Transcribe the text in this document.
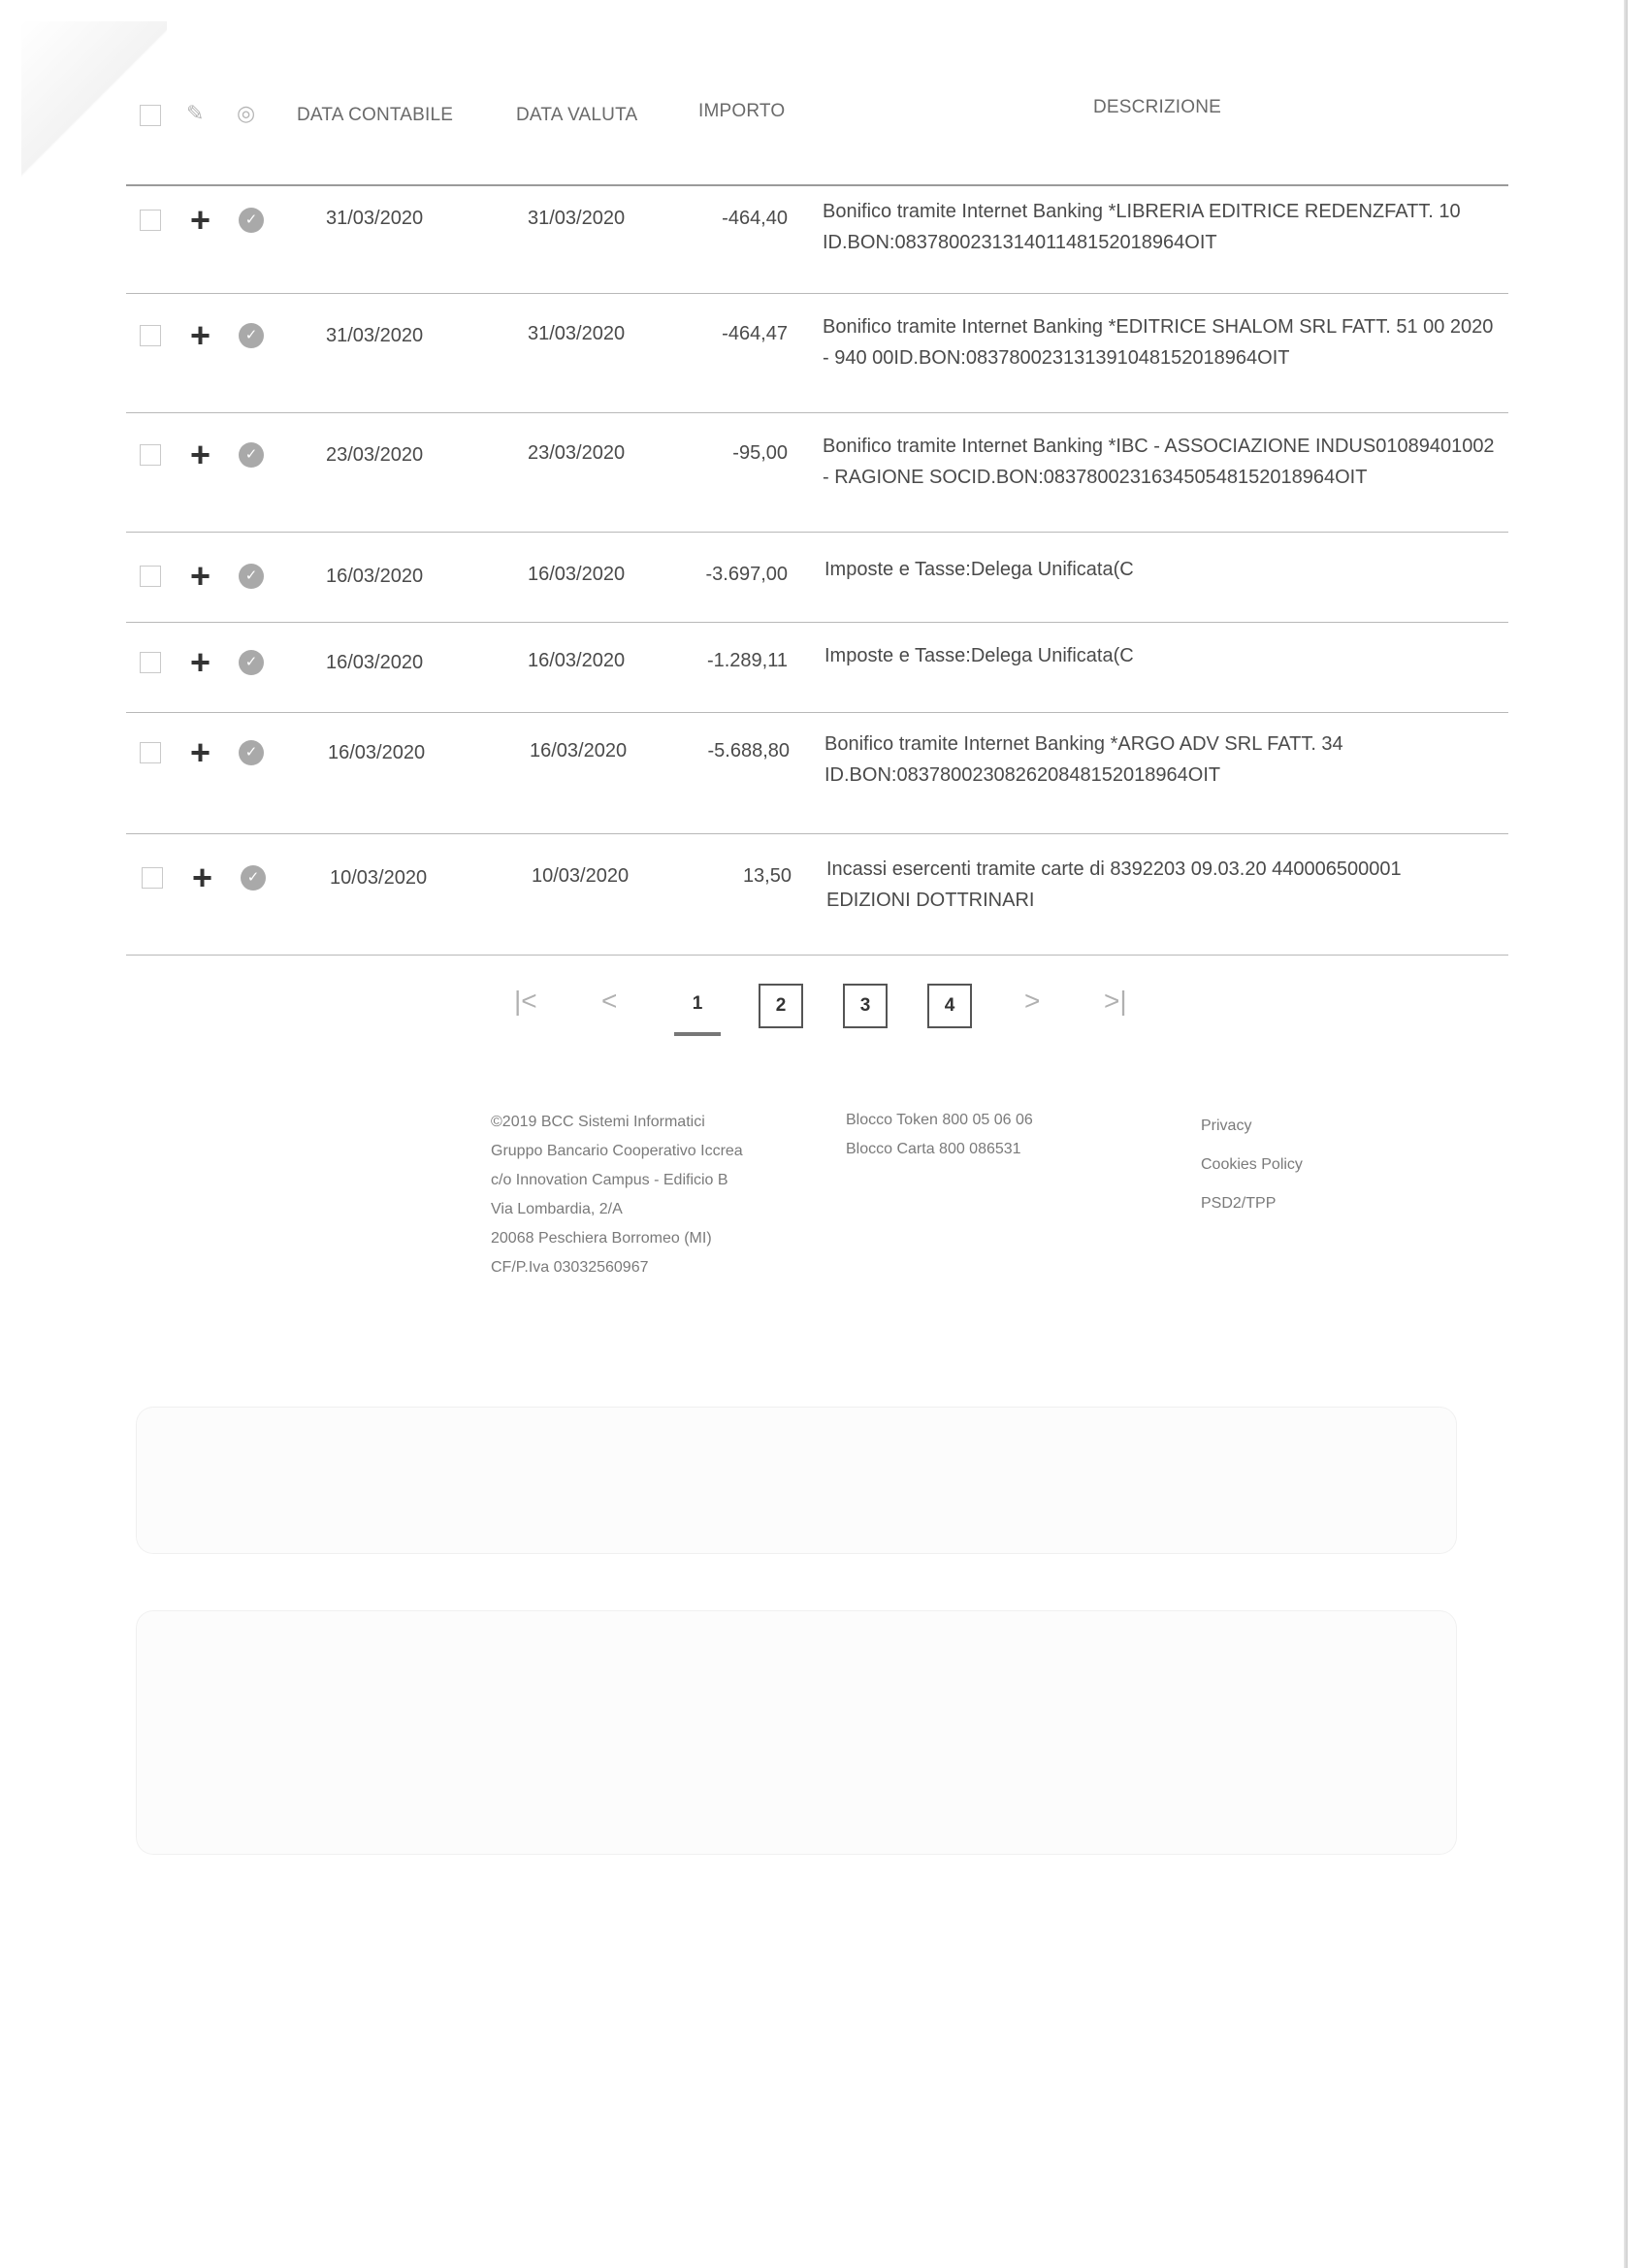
✎ ◎ DATA CONTABILE	DATA VALUTA	IMPORTO	DESCRIZIONE
+	✓	31/03/2020	31/03/2020	-464,40 Bonifico tramite Internet Banking *LIBRERIA EDITRICE REDENZFATT. 10
ID.BON:083780023131401148152018964OIT
+	✓	31/03/2020	31/03/2020	-464,47 Bonifico tramite Internet Banking *EDITRICE SHALOM SRL FATT. 51 00 2020
- 940 00ID.BON:083780023131391048152018964OIT
+	✓	23/03/2020	23/03/2020	-95,00 Bonifico tramite Internet Banking *IBC - ASSOCIAZIONE INDUS01089401002
- RAGIONE SOCID.BON:083780023163450548152018964OIT
+	✓	16/03/2020	16/03/2020	-3.697,00 Imposte e Tasse:Delega Unificata(C
+	✓	16/03/2020	16/03/2020	-1.289,11 Imposte e Tasse:Delega Unificata(C
+	✓	16/03/2020	16/03/2020	-5.688,80 Bonifico tramite Internet Banking *ARGO ADV SRL FATT. 34
ID.BON:083780023082620848152018964OIT
+	✓	10/03/2020	10/03/2020	13,50 Incassi esercenti tramite carte di 8392203 09.03.20 440006500001
EDIZIONI DOTTRINARI
|< <	1	2	3	4	> >|
©2019 BCC Sistemi Informatici
Gruppo Bancario Cooperativo Iccrea
c/o Innovation Campus - Edificio B
Via Lombardia, 2/A
20068 Peschiera Borromeo (MI)
CF/P.Iva 03032560967
Blocco Token 800 05 06 06
Blocco Carta 800 086531
Privacy
Cookies Policy
PSD2/TPP
